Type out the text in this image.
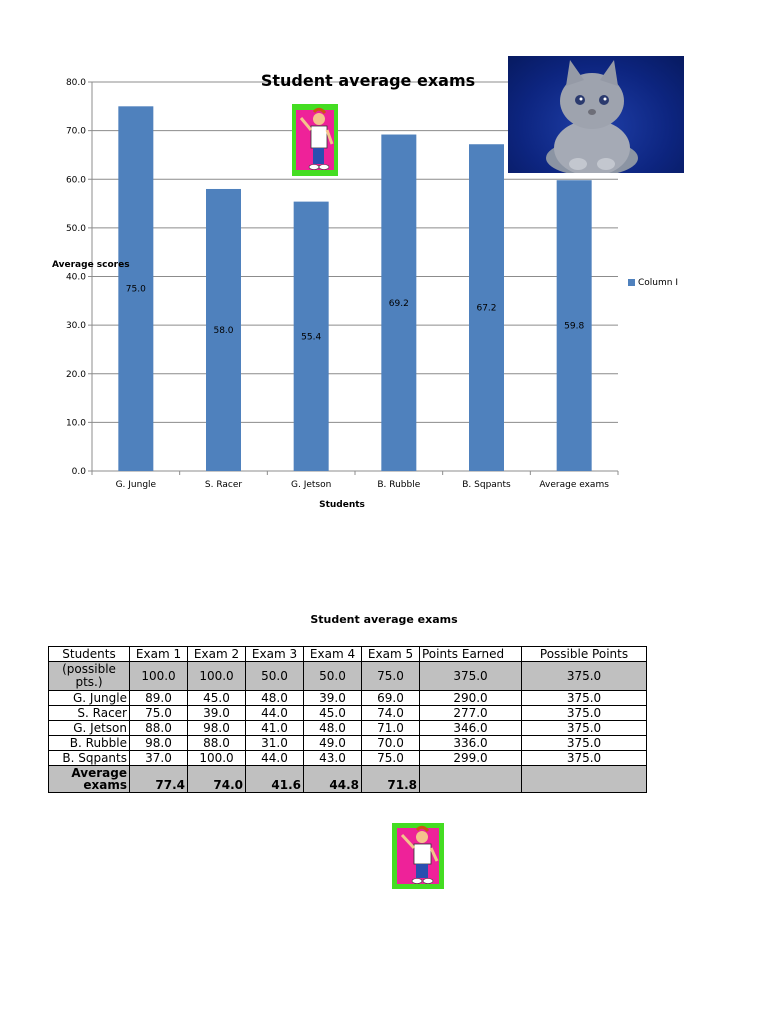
0.0
10.0
20.0
30.0
40.0
50.0
60.0
70.0
80.0
G. Jungle	S. Racer	G. Jetson	B. Rubble	B. Sqpants	Average exams
75.0
58.0
55.4
69.2	67.2
59.8
Student average exams
Average scores
Students
Column I
Student average exams
Students	Exam 1	Exam 2	Exam 3	Exam 4	Exam 5	Points Earned	Possible Points
(possible pts.)	100.0	100.0	50.0	50.0	75.0	375.0	375.0
G. Jungle	89.0	45.0	48.0	39.0	69.0	290.0	375.0
S. Racer	75.0	39.0	44.0	45.0	74.0	277.0	375.0
G. Jetson	88.0	98.0	41.0	48.0	71.0	346.0	375.0
B. Rubble	98.0	88.0	31.0	49.0	70.0	336.0	375.0
B. Sqpants	37.0	100.0	44.0	43.0	75.0	299.0	375.0
Average exams	77.4	74.0	41.6	44.8	71.8		
